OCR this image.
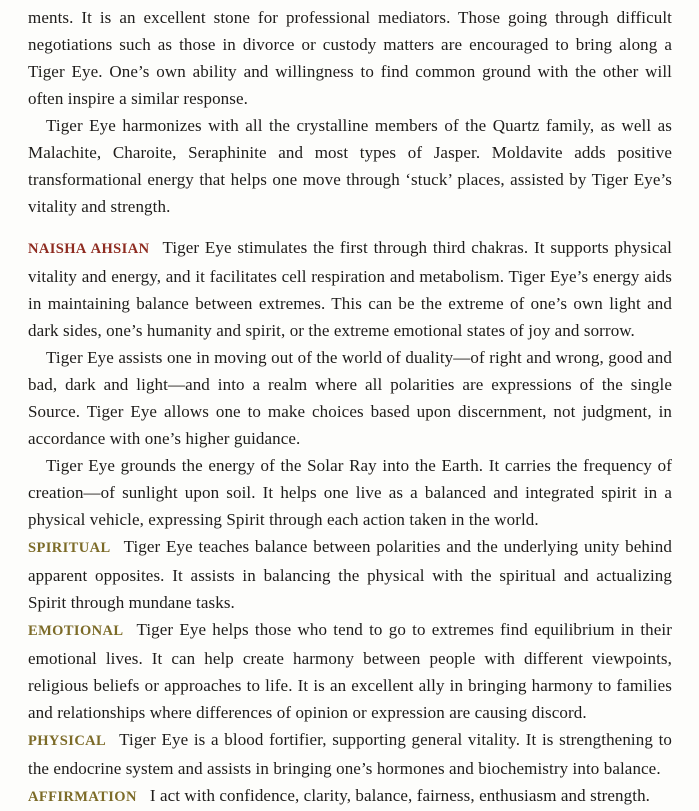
ments. It is an excellent stone for professional mediators. Those going through difficult negotiations such as those in divorce or custody matters are encouraged to bring along a Tiger Eye. One’s own ability and willingness to find common ground with the other will often inspire a similar response.

Tiger Eye harmonizes with all the crystalline members of the Quartz family, as well as Malachite, Charoite, Seraphinite and most types of Jasper. Moldavite adds positive transformational energy that helps one move through ‘stuck’ places, assisted by Tiger Eye’s vitality and strength.

NAISHA AHSIAN Tiger Eye stimulates the first through third chakras. It supports physical vitality and energy, and it facilitates cell respiration and metabolism. Tiger Eye’s energy aids in maintaining balance between extremes. This can be the extreme of one’s own light and dark sides, one’s humanity and spirit, or the extreme emotional states of joy and sorrow.

Tiger Eye assists one in moving out of the world of duality—of right and wrong, good and bad, dark and light—and into a realm where all polarities are expressions of the single Source. Tiger Eye allows one to make choices based upon discernment, not judgment, in accordance with one’s higher guidance.

Tiger Eye grounds the energy of the Solar Ray into the Earth. It carries the frequency of creation—of sunlight upon soil. It helps one live as a balanced and integrated spirit in a physical vehicle, expressing Spirit through each action taken in the world.

SPIRITUAL Tiger Eye teaches balance between polarities and the underlying unity behind apparent opposites. It assists in balancing the physical with the spiritual and actualizing Spirit through mundane tasks.

EMOTIONAL Tiger Eye helps those who tend to go to extremes find equilibrium in their emotional lives. It can help create harmony between people with different viewpoints, religious beliefs or approaches to life. It is an excellent ally in bringing harmony to families and relationships where differences of opinion or expression are causing discord.

PHYSICAL Tiger Eye is a blood fortifier, supporting general vitality. It is strengthening to the endocrine system and assists in bringing one’s hormones and biochemistry into balance.

AFFIRMATION I act with confidence, clarity, balance, fairness, enthusiasm and strength.
